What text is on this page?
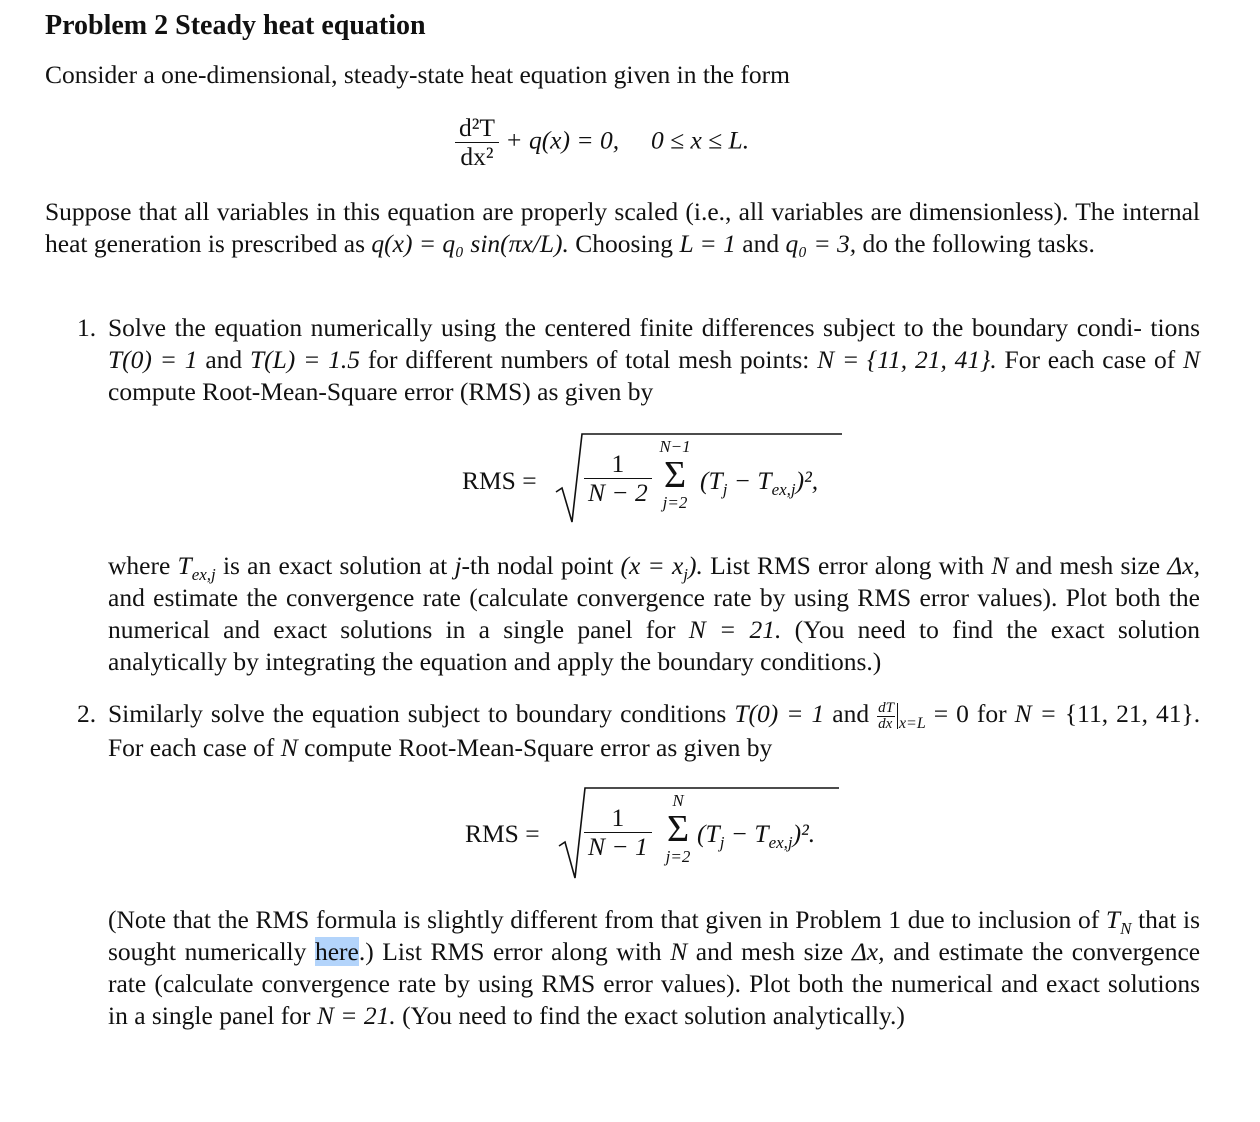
Problem 2 Steady heat equation

Consider a one-dimensional, steady-state heat equation given in the form

$\frac{\text{d²T}}{\text{dx²}} + q(x) = 0$, 0 ≤ x ≤ L.

Suppose that all variables in this equation are properly scaled (i.e., all variables are dimensionless). The internal heat generation is prescribed as q(x) = q₀ sin(πx/L). Choosing L = 1 and q₀ = 3, do the following tasks.

1. Solve the equation numerically using the centered finite differences subject to the boundary condi- tions T(0) = 1 and T(L) = 1.5 for different numbers of total mesh points: N = {11, 21, 41}. For each case of N compute Root-Mean-Square error (RMS) as given by

RMS = $\frac{1}{N - 2}$
N−1
Σ
j=2
$(T_j - T_{ex,j})^2$,

where $T_{ex,j}$ is an exact solution at j-th nodal point $(x = x_j)$. List RMS error along with N and mesh size Δx, and estimate the convergence rate (calculate convergence rate by using RMS error values). Plot both the numerical and exact solutions in a single panel for N = 21. (You need to find the exact solution analytically by integrating the equation and apply the boundary conditions.)

2. Similarly solve the equation subject to boundary conditions T(0) = 1 and $\frac{dT}{dx} _{x=L} = 0$ for N = {11, 21, 41}. For each case of N compute Root-Mean-Square error as given by

RMS = $\frac{1}{N - 1}$
N
Σ
j=2
$(T_j - T_{ex,j})^2$.

(Note that the RMS formula is slightly different from that given in Problem 1 due to inclusion of $T_N$ that is sought numerically here.) List RMS error along with N and mesh size Δx, and estimate the convergence rate (calculate convergence rate by using RMS error values). Plot both the numerical and exact solutions in a single panel for N = 21. (You need to find the exact solution analytically.)
